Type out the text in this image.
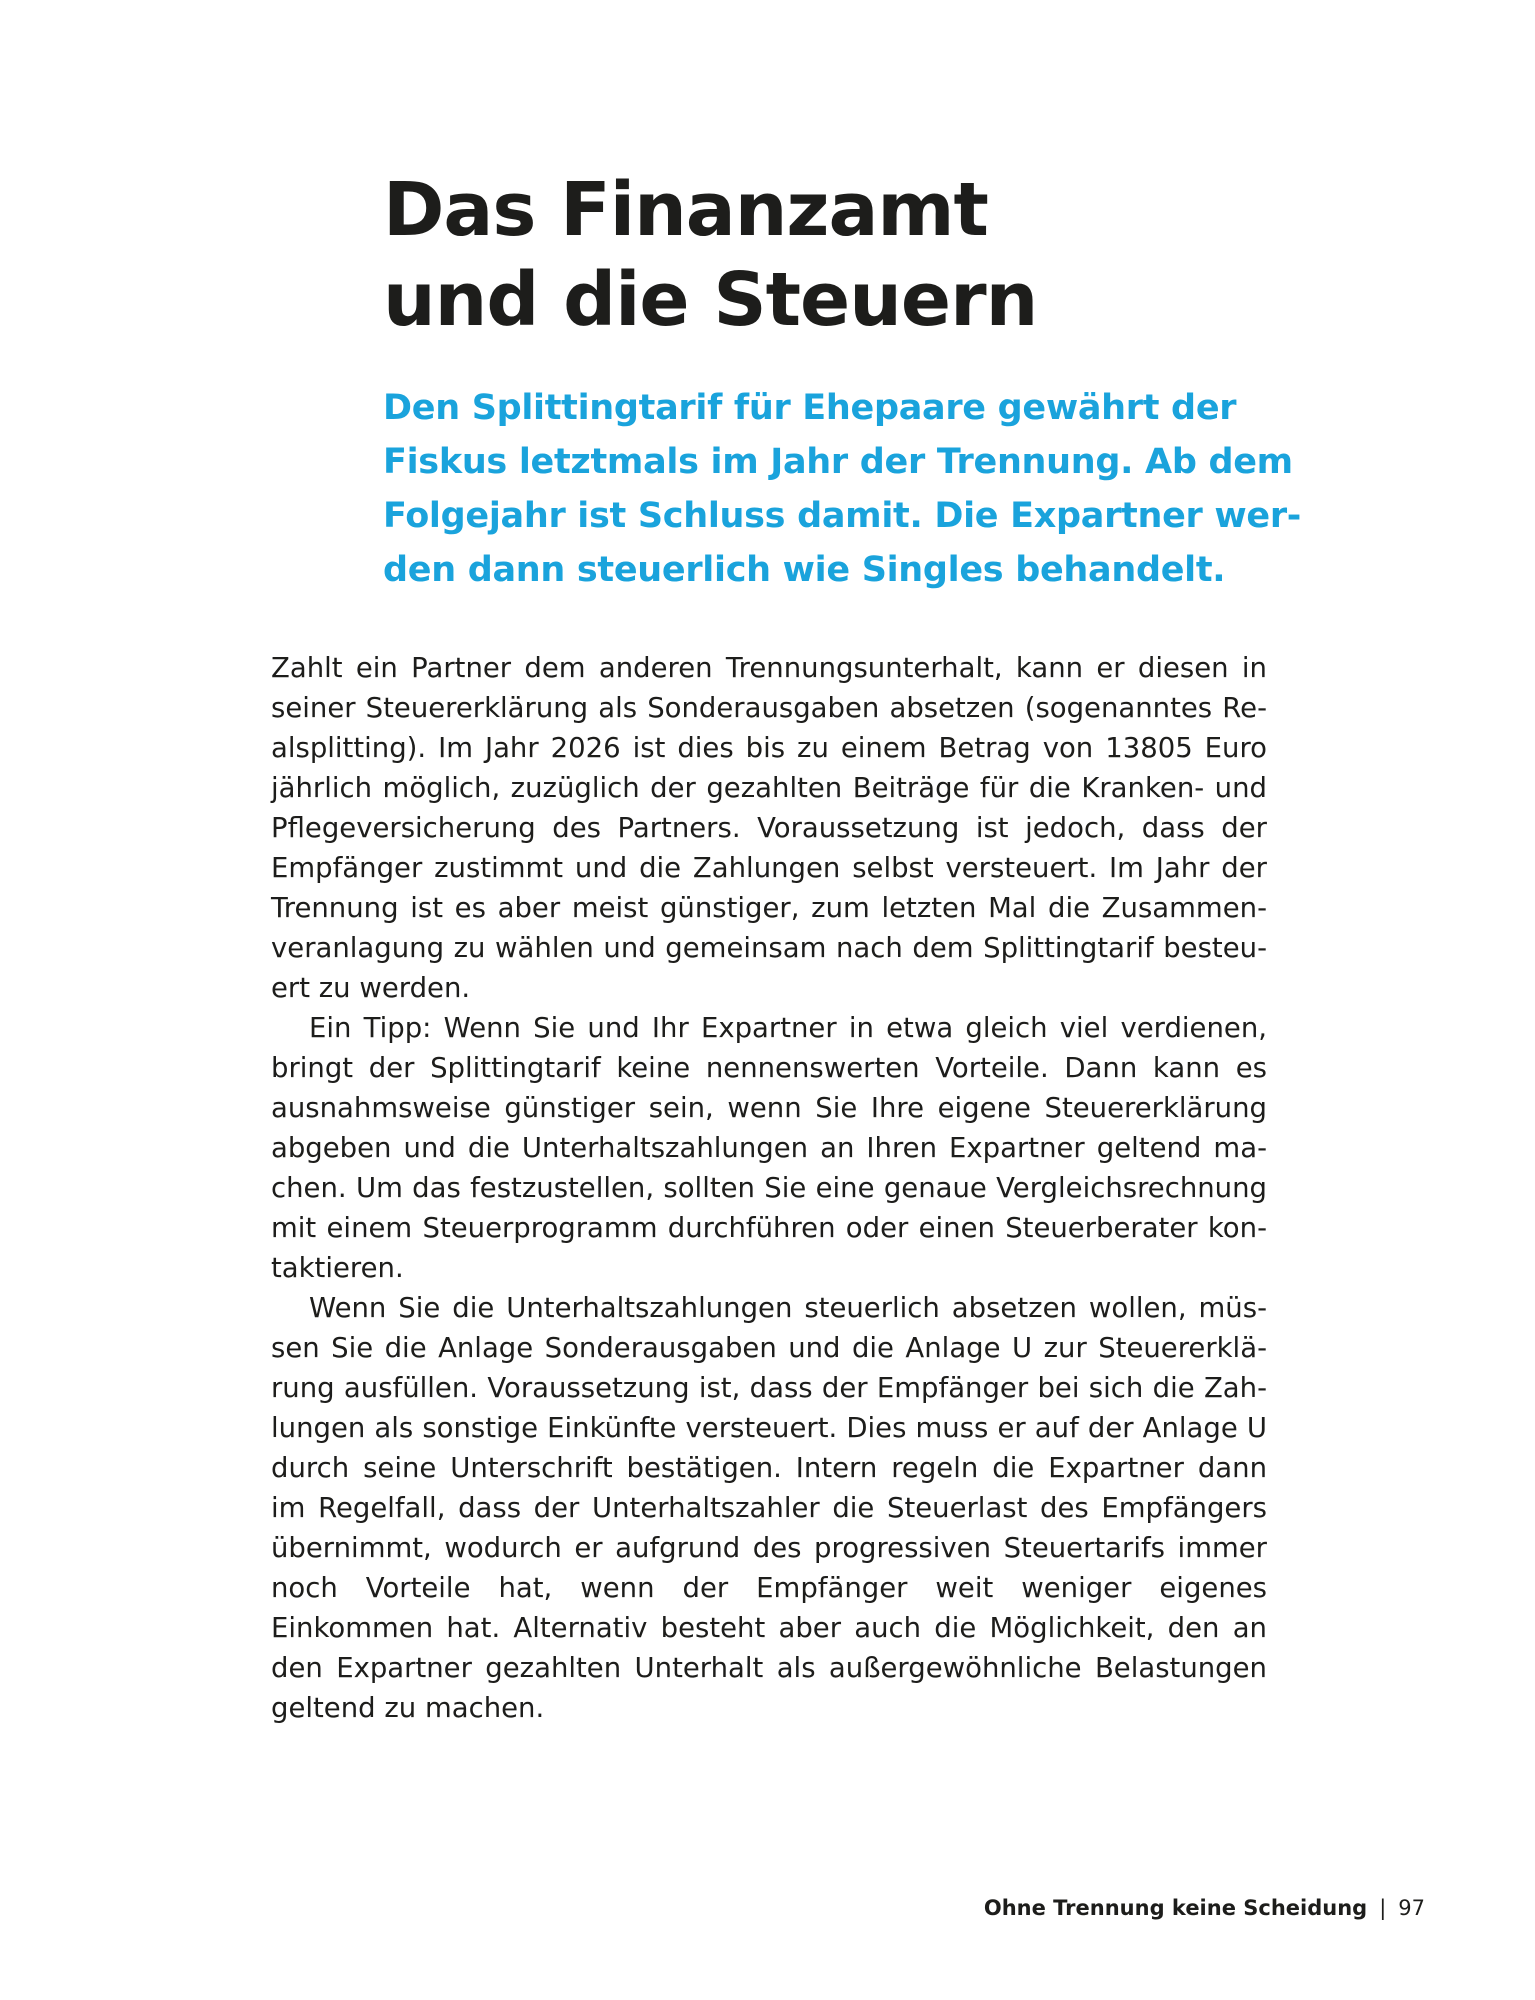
Das Finanzamt
und die Steuern
Den Splittingtarif für Ehepaare gewährt der
Fiskus letztmals im Jahr der Trennung. Ab dem
Folgejahr ist Schluss damit. Die Expartner wer-
den dann steuerlich wie Singles behandelt.

Zahlt ein Partner dem anderen Trennungsunterhalt, kann er diesen in seiner Steuererklärung als Sonderausgaben absetzen (sogenanntes Realsplitting). Im Jahr 2026 ist dies bis zu einem Betrag von 13805 Euro jährlich möglich, zuzüglich der gezahlten Beiträge für die Kranken- und Pflegeversicherung des Partners. Voraussetzung ist jedoch, dass der Empfänger zustimmt und die Zahlungen selbst versteuert. Im Jahr der Trennung ist es aber meist günstiger, zum letzten Mal die Zusammenveranlagung zu wählen und gemeinsam nach dem Splittingtarif besteuert zu werden.

Ein Tipp: Wenn Sie und Ihr Expartner in etwa gleich viel verdienen, bringt der Splittingtarif keine nennenswerten Vorteile. Dann kann es ausnahmsweise günstiger sein, wenn Sie Ihre eigene Steuererklärung abgeben und die Unterhaltszahlungen an Ihren Expartner geltend machen. Um das festzustellen, sollten Sie eine genaue Vergleichsrechnung mit einem Steuerprogramm durchführen oder einen Steuerberater kontaktieren.

Wenn Sie die Unterhaltszahlungen steuerlich absetzen wollen, müssen Sie die Anlage Sonderausgaben und die Anlage U zur Steuererklärung ausfüllen. Voraussetzung ist, dass der Empfänger bei sich die Zahlungen als sonstige Einkünfte versteuert. Dies muss er auf der Anlage U durch seine Unterschrift bestätigen. Intern regeln die Expartner dann im Regelfall, dass der Unterhaltszahler die Steuerlast des Empfängers übernimmt, wodurch er aufgrund des progressiven Steuertarifs immer noch Vorteile hat, wenn der Empfänger weit weniger eigenes Einkommen hat. Alternativ besteht aber auch die Möglichkeit, den an den Expartner gezahlten Unterhalt als außergewöhnliche Belastungen geltend zu machen.

Ohne Trennung keine Scheidung | 97
